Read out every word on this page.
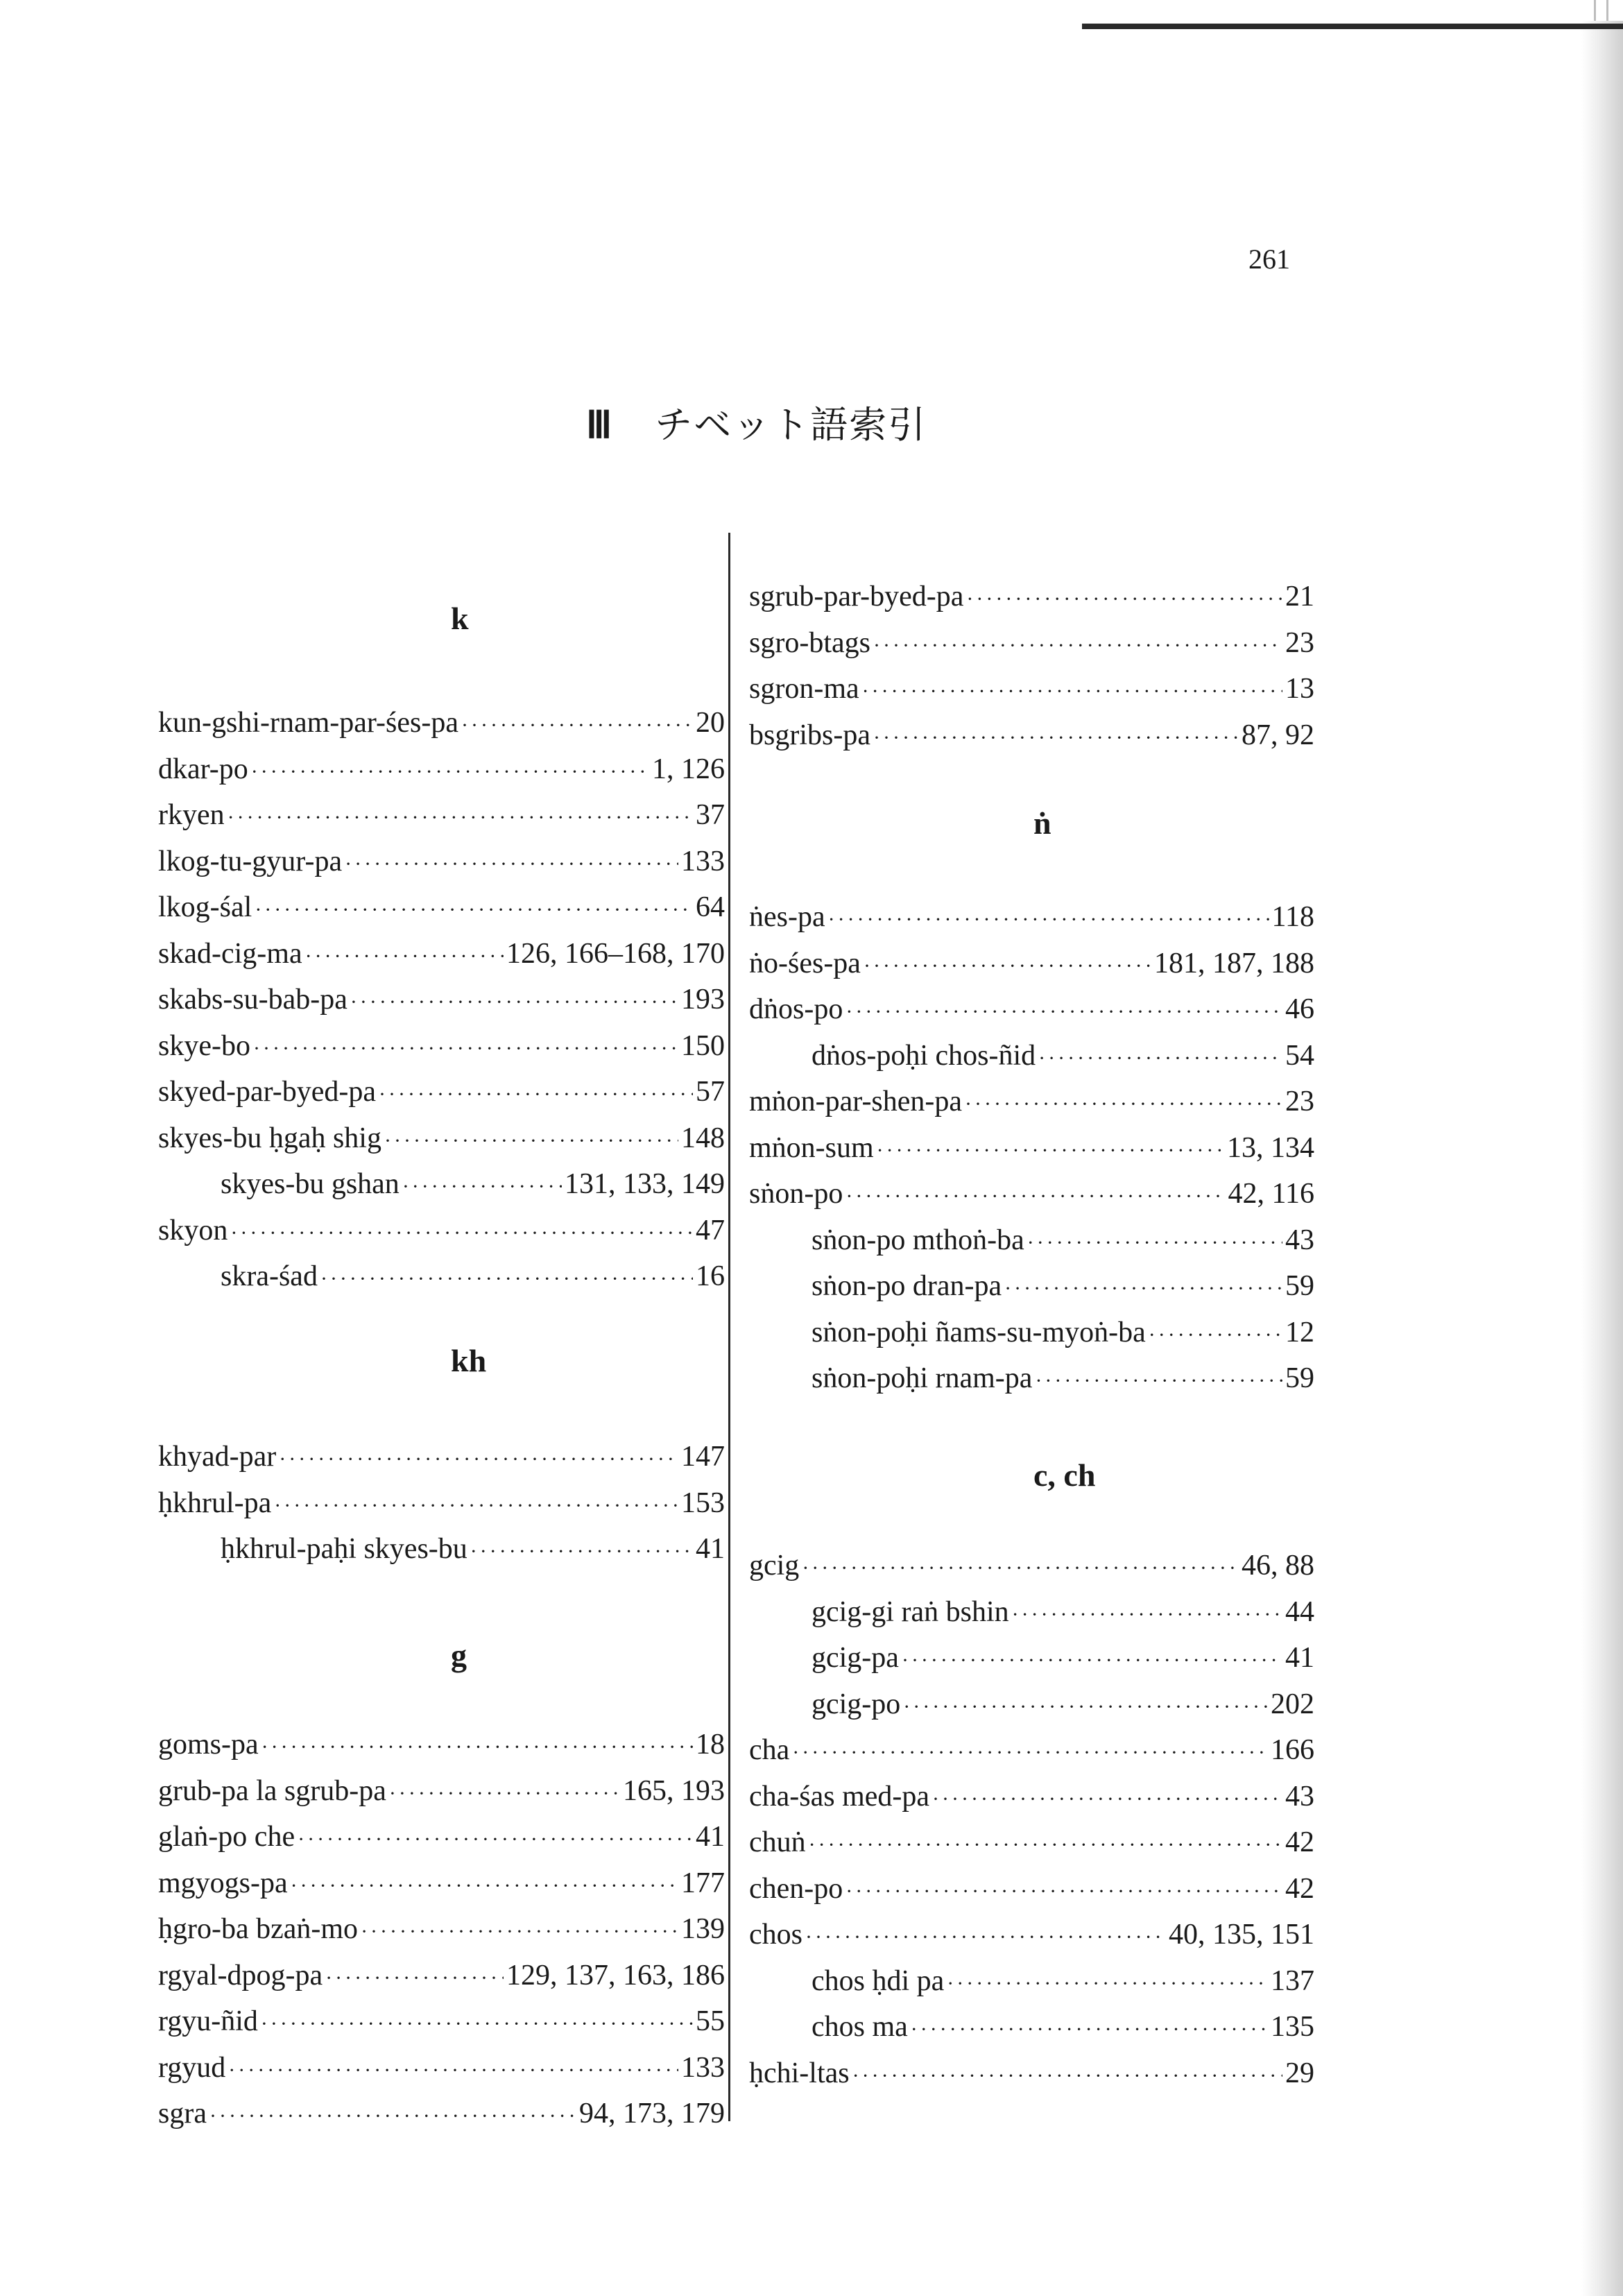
261
Ⅲ チベット語索引
k
kun-gshi-rnam-par-śes-pa ·····	20
dkar-po ·····	1, 126
rkyen ·····	37
lkog-tu-gyur-pa ·····	133
lkog-śal ·····	64
skad-cig-ma ·····	126, 166–168, 170
skabs-su-bab-pa ·····	193
skye-bo ·····	150
skyed-par-byed-pa ·····	57
skyes-bu ḥgaḥ shig ·····	148
skyes-bu gshan ·····	131, 133, 149
skyon ·····	47
skra-śad ·····	16
kh
khyad-par ·····	147
ḥkhrul-pa ·····	153
ḥkhrul-paḥi skyes-bu ·····	41
g
goms-pa ·····	18
grub-pa la sgrub-pa ·····	165, 193
glaṅ-po che ·····	41
mgyogs-pa ·····	177
ḥgro-ba bzaṅ-mo ·····	139
rgyal-dpog-pa ·····	129, 137, 163, 186
rgyu-ñid ·····	55
rgyud ·····	133
sgra ·····	94, 173, 179
sgrub-par-byed-pa ·····	21
sgro-btags ·····	23
sgron-ma ·····	13
bsgribs-pa ·····	87, 92
ṅ
ṅes-pa ·····	118
ṅo-śes-pa ·····	181, 187, 188
dṅos-po ·····	46
dṅos-poḥi chos-ñid ·····	54
mṅon-par-shen-pa ·····	23
mṅon-sum ·····	13, 134
sṅon-po ·····	42, 116
sṅon-po mthoṅ-ba ·····	43
sṅon-po dran-pa ·····	59
sṅon-poḥi ñams-su-myoṅ-ba ·····	12
sṅon-poḥi rnam-pa ·····	59
c, ch
gcig ·····	46, 88
gcig-gi raṅ bshin ·····	44
gcig-pa ·····	41
gcig-po ·····	202
cha ·····	166
cha-śas med-pa ·····	43
chuṅ ·····	42
chen-po ·····	42
chos ·····	40, 135, 151
chos ḥdi pa ·····	137
chos ma ·····	135
ḥchi-ltas ·····	29
